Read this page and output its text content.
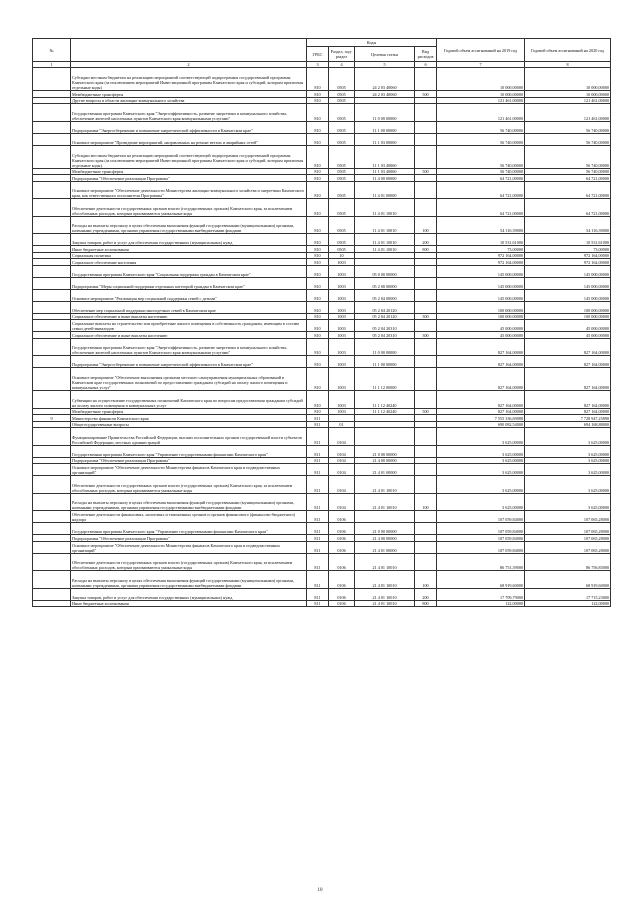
№		Коды				Годовой объем ассигнований на 2019 год	Годовой объем ассигнований на 2020 год
		ГРБС	Раздел, под-раздел	Целевая статья	Вид расходов		
1	2	3	4	5	6	7	8
	Субсидии местным бюджетам на реализацию мероприятий соответствующей подпрограммы государственной программы Камчатского края (за исключением мероприятий Инвестиционной программы Камчатского края и субсидий, которым присвоены отдельные коды)	810	0505	24 2 03 40060		10 000,00000	10 000,00000
	Межбюджетные трансферты	810	0505	24 2 03 40060	500	10 000,00000	10 000,00000
	Другие вопросы в области жилищно-коммунального хозяйства	810	0505			121 461,00000	121 461,00000
	Государственная программа Камчатского края "Энергоэффективность, развитие энергетики и коммунального хозяйства, обеспечение жителей населенных пунктов Камчатского края коммунальными услугами"	810	0505	11 0 00 00000		121 461,00000	121 461,00000
	Подпрограмма "Энергосбережение и повышение энергетической эффективности в Камчатском крае"	810	0505	11 1 00 00000		56 740,00000	56 740,00000
	Основное мероприятие "Проведение мероприятий, направленных на ремонт ветхих и аварийных сетей"	810	0505	11 1 03 00000		56 740,00000	56 740,00000
	Субсидии местным бюджетам на реализацию мероприятий соответствующей подпрограммы государственной программы Камчатского края (за исключением мероприятий Инвестиционной программы Камчатского края и субсидий, которым присвоены отдельные коды)	810	0505	11 1 03 40060		56 740,00000	56 740,00000
	Межбюджетные трансферты	810	0505	11 1 03 40060	500	56 740,00000	56 740,00000
	Подпрограмма "Обеспечение реализации Программы"	810	0505	11 4 00 00000		64 721,00000	64 721,00000
	Основное мероприятие "Обеспечение деятельности Министерства жилищно-коммунального хозяйства и энергетики Камчатского края, как ответственного исполнителя Программы"	810	0505	11 4 01 00000		64 721,00000	64 721,00000
	Обеспечение деятельности государственных органов власти (государственных органов) Камчатского края, за исключением обособленных расходов, которым присваиваются уникальные коды	810	0505	11 4 01 10010		64 721,00000	64 721,00000
	Расходы на выплаты персоналу в целях обеспечения выполнения функций государственными (муниципальными) органами, казенными учреждениями, органами управления государственными внебюджетными фондами	810	0505	11 4 01 10010	100	54 116,39000	54 116,39000
	Закупка товаров, работ и услуг для обеспечения государственных (муниципальных) нужд	810	0505	11 4 01 10010	200	10 531,61000	10 531,61000
	Иные бюджетные ассигнования	810	0505	11 4 01 10010	800	73,00000	73,00000
	Социальная политика	810	10			972 164,00000	972 164,00000
	Социальное обеспечение населения	810	1003			972 164,00000	972 164,00000
	Государственная программа Камчатского края "Социальная поддержка граждан в Камчатском крае"	810	1003	05 0 00 00000		145 000,00000	145 000,00000
	Подпрограмма "Меры социальной поддержки отдельных категорий граждан в Камчатском крае"	810	1003	05 2 00 00000		145 000,00000	145 000,00000
	Основное мероприятие "Реализация мер социальной поддержки семей с детьми"	810	1003	05 2 04 00000		145 000,00000	145 000,00000
	Обеспечение мер социальной поддержки многодетных семей в Камчатском крае	810	1003	05 2 04 20120		100 000,00000	100 000,00000
	Социальное обеспечение и иные выплаты населению	810	1003	05 2 04 20120	300	100 000,00000	100 000,00000
	Социальные выплаты на строительство или приобретение жилого помещения в собственность гражданам, имеющим в составе семьи детей-инвалидов	810	1003	05 2 04 20310		45 000,00000	45 000,00000
	Социальное обеспечение и иные выплаты населению	810	1003	05 2 04 20310	300	45 000,00000	45 000,00000
	Государственная программа Камчатского края "Энергоэффективность, развитие энергетики и коммунального хозяйства, обеспечение жителей населенных пунктов Камчатского края коммунальными услугами"	810	1003	11 0 00 00000		827 164,00000	827 164,00000
	Подпрограмма "Энергосбережение и повышение энергетической эффективности в Камчатском крае"	810	1003	11 1 00 00000		827 164,00000	827 164,00000
	Основное мероприятие "Обеспечение выполнения органами местного самоуправления муниципальных образований в Камчатском крае государственных полномочий по предоставлению гражданам субсидий на оплату жилого помещения и коммунальных услуг"	810	1003	11 1 12 00000		827 164,00000	827 164,00000
	Субвенции на осуществление государственных полномочий Камчатского края по вопросам предоставления гражданам субсидий на оплату жилого помещения и коммунальных услуг	810	1003	11 1 12 40240		827 164,00000	827 164,00000
	Межбюджетные трансферты	810	1003	11 1 12 40240	500	827 164,00000	827 164,00000
9	Министерство финансов Камчатского края	811				7 555 336,69088	7 728 947,25890
	Общегосударственные вопросы	811	01			690 082,54000	694 168,88000
	Функционирование Правительства Российской Федерации, высших исполнительных органов государственной власти субъектов Российской Федерации, местных администраций	811	0104			3 625,00000	3 625,00000
	Государственная программа Камчатского края "Управление государственными финансами Камчатского края"	811	0104	21 0 00 00000		3 625,00000	3 625,00000
	Подпрограмма "Обеспечение реализации Программы"	811	0104	21 4 00 00000		3 625,00000	3 625,00000
	Основное мероприятие "Обеспечение деятельности Министерства финансов Камчатского края и подведомственных организаций"	811	0104	21 4 01 00000		3 625,00000	3 625,00000
	Обеспечение деятельности государственных органов власти (государственных органов) Камчатского края, за исключением обособленных расходов, которым присваиваются уникальные коды	811	0104	21 4 01 10010		3 625,00000	3 625,00000
	Расходы на выплаты персоналу в целях обеспечения выполнения функций государственными (муниципальными) органами, казенными учреждениями, органами управления государственными внебюджетными фондами	811	0104	21 4 01 10010	100	3 625,00000	3 625,00000
	Обеспечение деятельности финансовых, налоговых и таможенных органов и органов финансового (финансово-бюджетного) надзора	811	0106			107 059,84000	107 065,28000
	Государственная программа Камчатского края "Управление государственными финансами Камчатского края"	811	0106	21 0 00 00000		107 059,84000	107 065,28000
	Подпрограмма "Обеспечение реализации Программы"	811	0106	21 4 00 00000		107 059,84000	107 065,28000
	Основное мероприятие "Обеспечение деятельности Министерства финансов Камчатского края и подведомственных организаций"	811	0106	21 4 01 00000		107 059,84000	107 065,28000
	Обеспечение деятельности государственных органов власти (государственных органов) Камчатского края, за исключением обособленных расходов, которым присваиваются уникальные коды	811	0106	21 4 01 10010		86 751,39000	86 756,83000
	Расходы на выплаты персоналу в целях обеспечения выполнения функций государственными (муниципальными) органами, казенными учреждениями, органами управления государственными внебюджетными фондами	811	0106	21 4 01 10010	100	68 919,60000	68 919,60000
	Закупка товаров, работ и услуг для обеспечения государственных (муниципальных) нужд	811	0106	21 4 01 10010	200	17 709,79000	17 715,23000
	Иные бюджетные ассигнования	811	0106	21 4 01 10010	800	122,00000	122,00000
10
